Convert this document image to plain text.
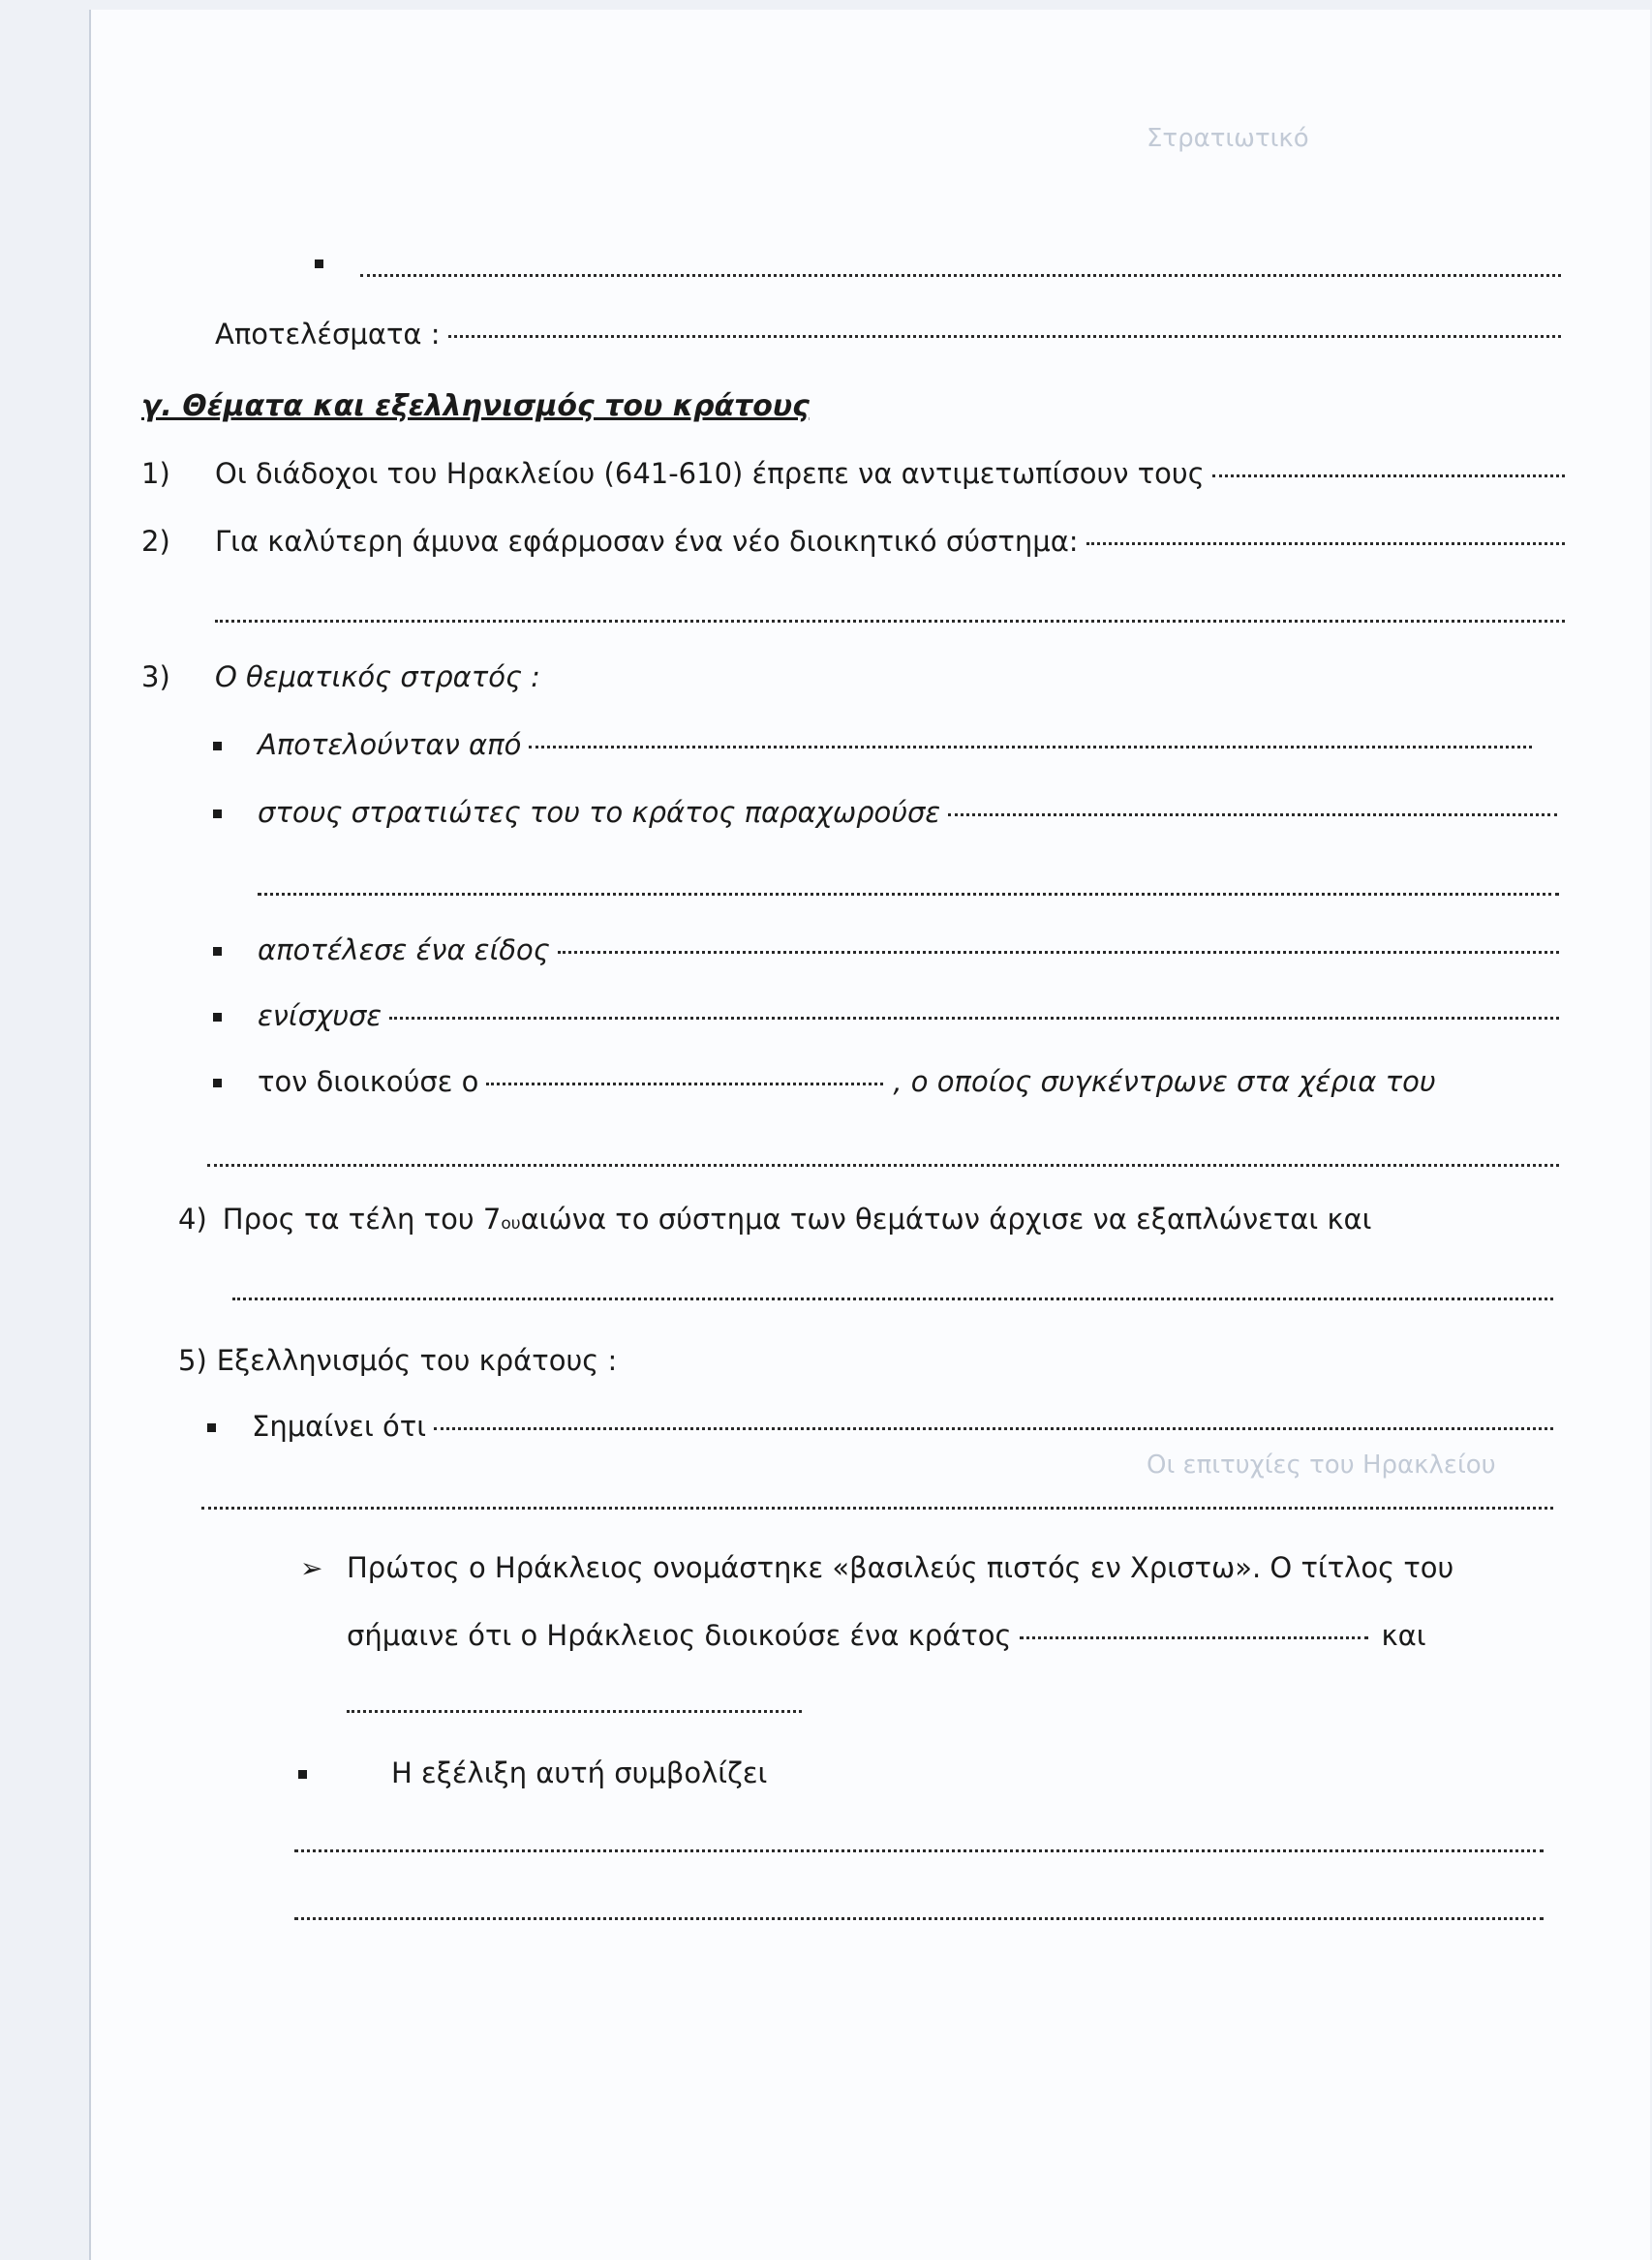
Στρατιωτικό
Οι επιτυχίες του Ηρακλείου
Αποτελέσματα :
γ. Θέματα και εξελληνισμός του κράτους
1)	Οι διάδοχοι του Ηρακλείου (641-610) έπρεπε να αντιμετωπίσουν τους
2)	Για καλύτερη άμυνα εφάρμοσαν ένα νέο διοικητικό σύστημα:
3)	Ο θεματικός στρατός :
Αποτελούνταν από
στους στρατιώτες του το κράτος παραχωρούσε
αποτέλεσε ένα είδος
ενίσχυσε
τον διοικούσε ο	, ο οποίος συγκέντρωνε στα χέρια του
4) Προς τα τέλη του 7 ου αιώνα το σύστημα των θεμάτων άρχισε να εξαπλώνεται και
5) Εξελληνισμός του κράτους :
Σημαίνει ότι
➢ Πρώτος ο Ηράκλειος ονομάστηκε «βασιλεύς πιστός εν Χριστω». Ο τίτλος του
σήμαινε ότι ο Ηράκλειος διοικούσε ένα κράτος	και
Η εξέλιξη αυτή συμβολίζει
